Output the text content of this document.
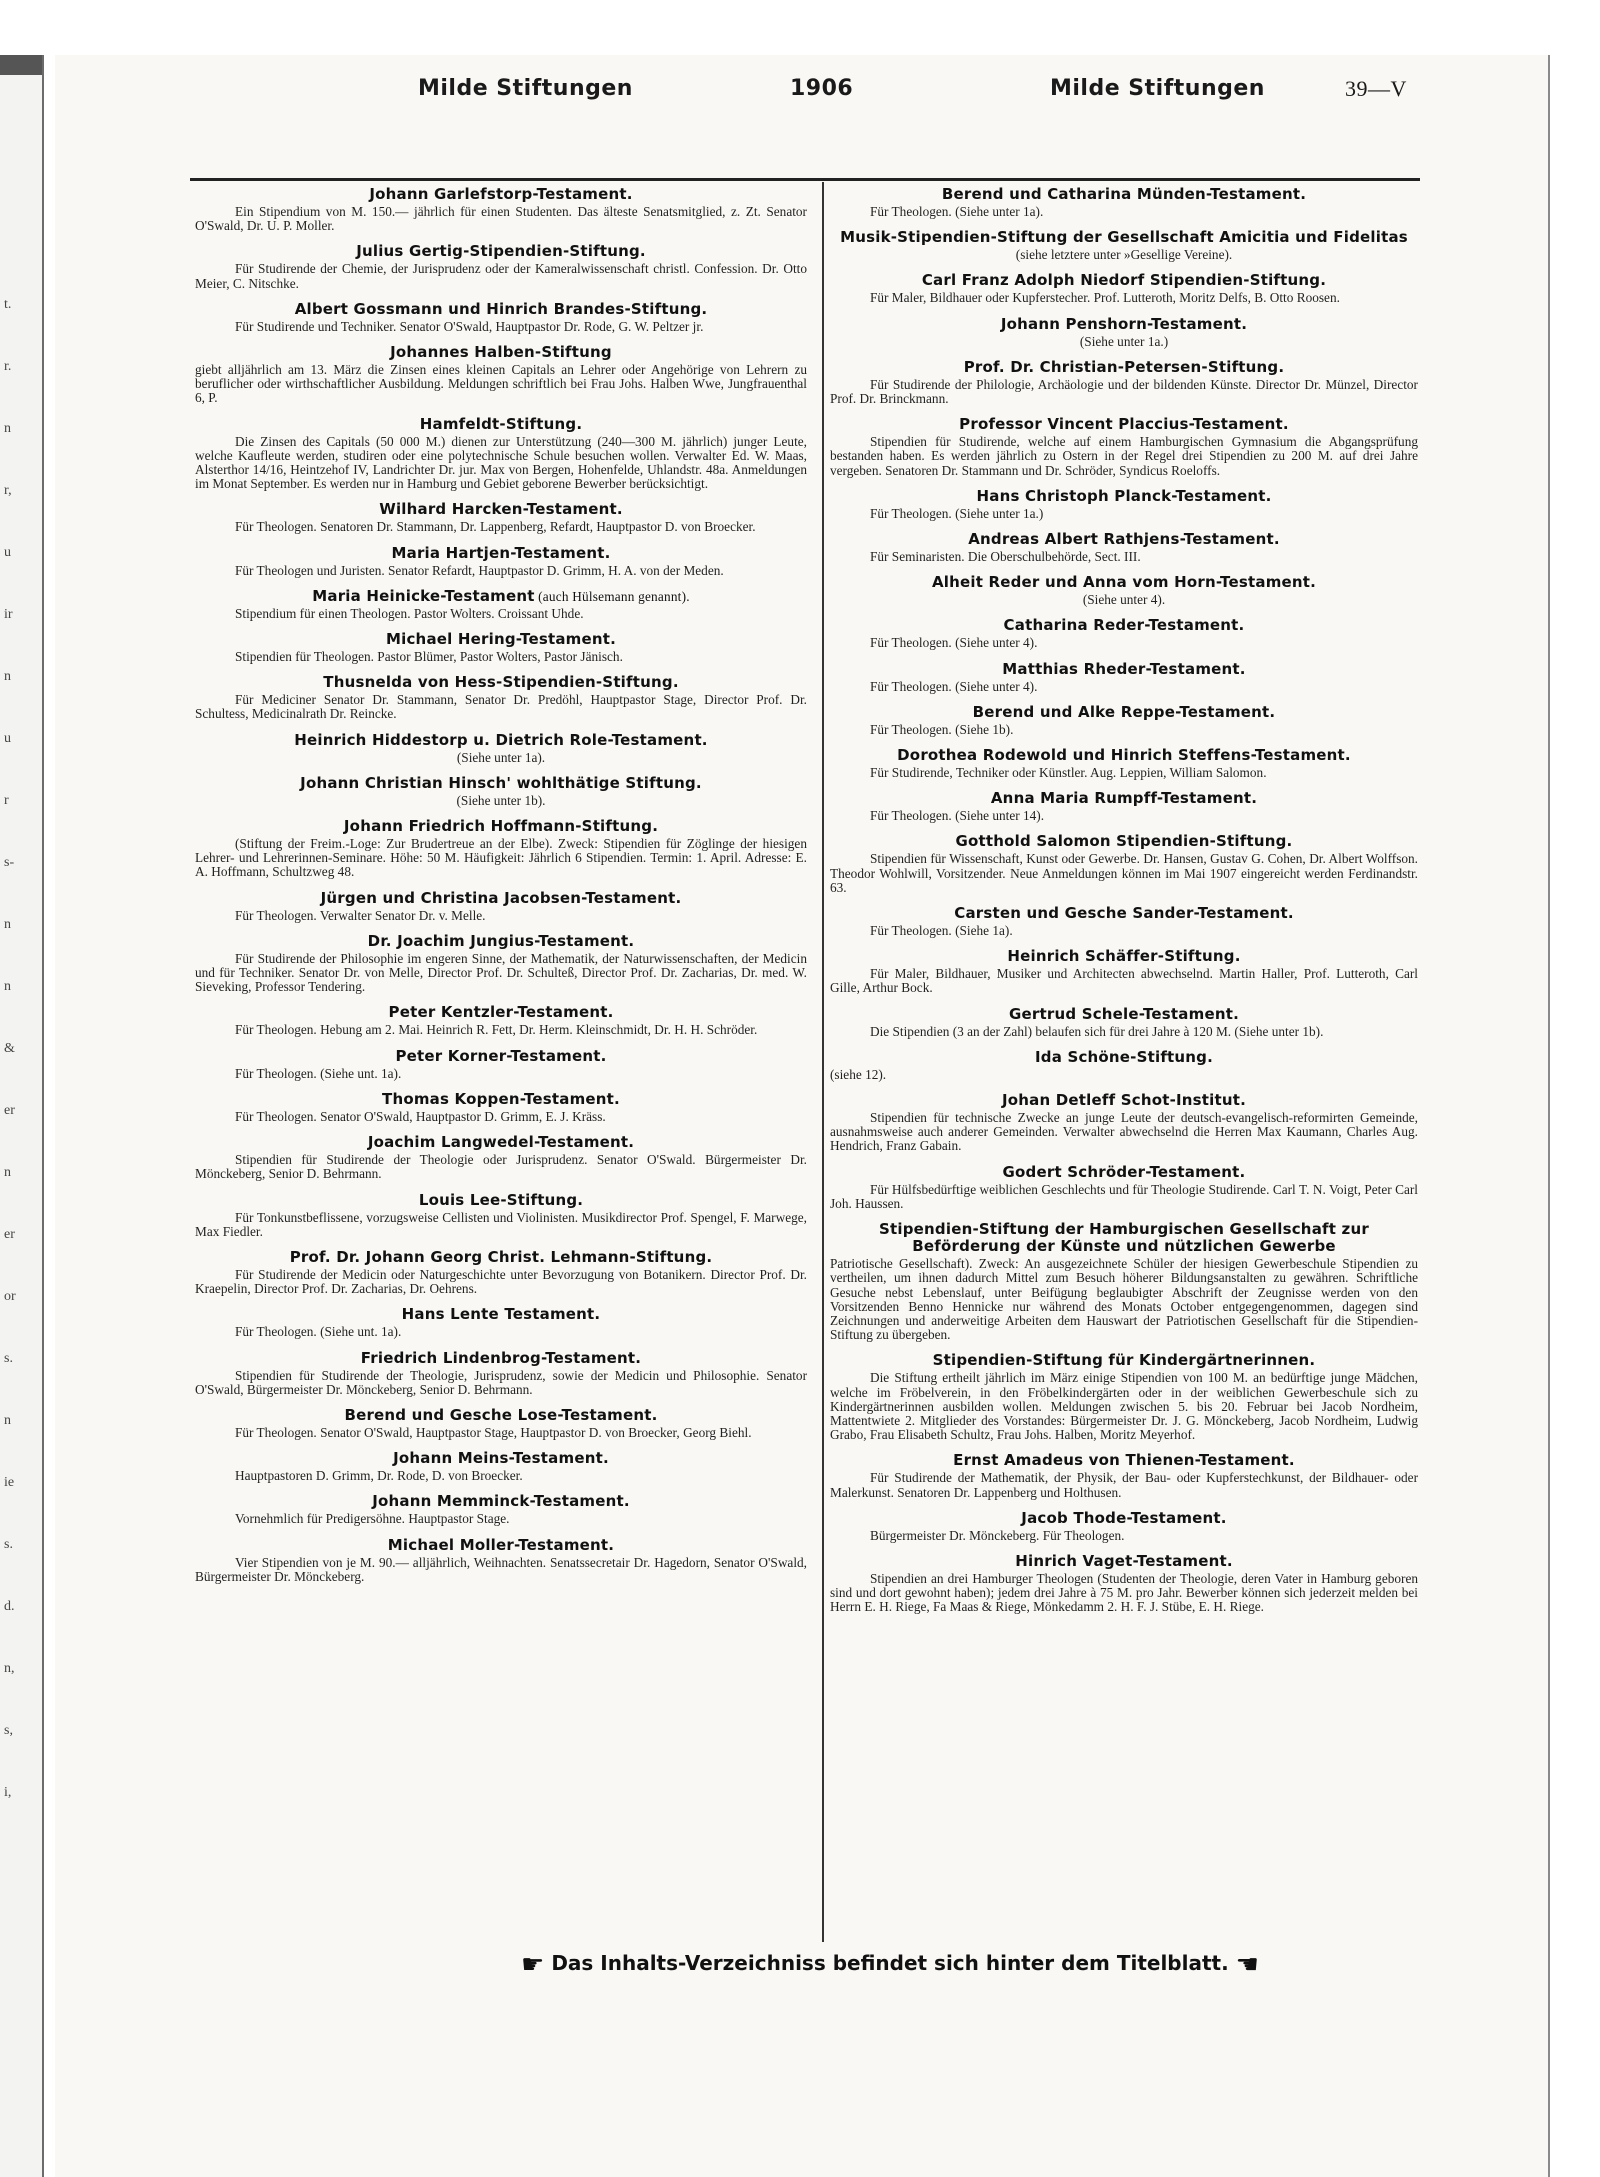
t.
r.
n
r,
u
ir
n
u
r
s-
n
n
&
er
n
er
or
s.
n
ie
s.
d.
n,
s,
i,
Milde Stiftungen	1906	Milde Stiftungen	39—V
Johann Garlefstorp-Testament.

Ein Stipendium von M. 150.— jährlich für einen Studenten. Das älteste Senatsmitglied, z. Zt. Senator O'Swald, Dr. U. P. Moller.

Julius Gertig-Stipendien-Stiftung.

Für Studirende der Chemie, der Jurisprudenz oder der Kameralwissenschaft christl. Confession. Dr. Otto Meier, C. Nitschke.

Albert Gossmann und Hinrich Brandes-Stiftung.

Für Studirende und Techniker. Senator O'Swald, Hauptpastor Dr. Rode, G. W. Peltzer jr.

Johannes Halben-Stiftung

giebt alljährlich am 13. März die Zinsen eines kleinen Capitals an Lehrer oder Angehörige von Lehrern zu beruflicher oder wirthschaftlicher Ausbildung. Meldungen schriftlich bei Frau Johs. Halben Wwe, Jungfrauenthal 6, P.

Hamfeldt-Stiftung.

Die Zinsen des Capitals (50 000 M.) dienen zur Unterstützung (240—300 M. jährlich) junger Leute, welche Kaufleute werden, studiren oder eine polytechnische Schule besuchen wollen. Verwalter Ed. W. Maas, Alsterthor 14/16, Heintzehof IV, Landrichter Dr. jur. Max von Bergen, Hohenfelde, Uhlandstr. 48a. Anmeldungen im Monat September. Es werden nur in Hamburg und Gebiet geborene Bewerber berücksichtigt.

Wilhard Harcken-Testament.

Für Theologen. Senatoren Dr. Stammann, Dr. Lappenberg, Refardt, Hauptpastor D. von Broecker.

Maria Hartjen-Testament.

Für Theologen und Juristen. Senator Refardt, Hauptpastor D. Grimm, H. A. von der Meden.

Maria Heinicke-Testament (auch Hülsemann genannt).

Stipendium für einen Theologen. Pastor Wolters. Croissant Uhde.

Michael Hering-Testament.

Stipendien für Theologen. Pastor Blümer, Pastor Wolters, Pastor Jänisch.

Thusnelda von Hess-Stipendien-Stiftung.

Für Mediciner Senator Dr. Stammann, Senator Dr. Predöhl, Hauptpastor Stage, Director Prof. Dr. Schultess, Medicinalrath Dr. Reincke.

Heinrich Hiddestorp u. Dietrich Role-Testament.

(Siehe unter 1a).

Johann Christian Hinsch' wohlthätige Stiftung.

(Siehe unter 1b).

Johann Friedrich Hoffmann-Stiftung.

(Stiftung der Freim.-Loge: Zur Brudertreue an der Elbe). Zweck: Stipendien für Zöglinge der hiesigen Lehrer- und Lehrerinnen-Seminare. Höhe: 50 M. Häufigkeit: Jährlich 6 Stipendien. Termin: 1. April. Adresse: E. A. Hoffmann, Schultzweg 48.

Jürgen und Christina Jacobsen-Testament.

Für Theologen. Verwalter Senator Dr. v. Melle.

Dr. Joachim Jungius-Testament.

Für Studirende der Philosophie im engeren Sinne, der Mathematik, der Naturwissenschaften, der Medicin und für Techniker. Senator Dr. von Melle, Director Prof. Dr. Schulteß, Director Prof. Dr. Zacharias, Dr. med. W. Sieveking, Professor Tendering.

Peter Kentzler-Testament.

Für Theologen. Hebung am 2. Mai. Heinrich R. Fett, Dr. Herm. Kleinschmidt, Dr. H. H. Schröder.

Peter Korner-Testament.

Für Theologen. (Siehe unt. 1a).

Thomas Koppen-Testament.

Für Theologen. Senator O'Swald, Hauptpastor D. Grimm, E. J. Kräss.

Joachim Langwedel-Testament.

Stipendien für Studirende der Theologie oder Jurisprudenz. Senator O'Swald. Bürgermeister Dr. Mönckeberg, Senior D. Behrmann.

Louis Lee-Stiftung.

Für Tonkunstbeflissene, vorzugsweise Cellisten und Violinisten. Musikdirector Prof. Spengel, F. Marwege, Max Fiedler.

Prof. Dr. Johann Georg Christ. Lehmann-Stiftung.

Für Studirende der Medicin oder Naturgeschichte unter Bevorzugung von Botanikern. Director Prof. Dr. Kraepelin, Director Prof. Dr. Zacharias, Dr. Oehrens.

Hans Lente Testament.

Für Theologen. (Siehe unt. 1a).

Friedrich Lindenbrog-Testament.

Stipendien für Studirende der Theologie, Jurisprudenz, sowie der Medicin und Philosophie. Senator O'Swald, Bürgermeister Dr. Mönckeberg, Senior D. Behrmann.

Berend und Gesche Lose-Testament.

Für Theologen. Senator O'Swald, Hauptpastor Stage, Hauptpastor D. von Broecker, Georg Biehl.

Johann Meins-Testament.

Hauptpastoren D. Grimm, Dr. Rode, D. von Broecker.

Johann Memminck-Testament.

Vornehmlich für Predigersöhne. Hauptpastor Stage.

Michael Moller-Testament.

Vier Stipendien von je M. 90.— alljährlich, Weihnachten. Senatssecretair Dr. Hagedorn, Senator O'Swald, Bürgermeister Dr. Mönckeberg.

Berend und Catharina Münden-Testament.

Für Theologen. (Siehe unter 1a).

Musik-Stipendien-Stiftung der Gesellschaft Amicitia und Fidelitas

(siehe letztere unter »Gesellige Vereine).

Carl Franz Adolph Niedorf Stipendien-Stiftung.

Für Maler, Bildhauer oder Kupferstecher. Prof. Lutteroth, Moritz Delfs, B. Otto Roosen.

Johann Penshorn-Testament.

(Siehe unter 1a.)

Prof. Dr. Christian-Petersen-Stiftung.

Für Studirende der Philologie, Archäologie und der bildenden Künste. Director Dr. Münzel, Director Prof. Dr. Brinckmann.

Professor Vincent Placcius-Testament.

Stipendien für Studirende, welche auf einem Hamburgischen Gymnasium die Abgangsprüfung bestanden haben. Es werden jährlich zu Ostern in der Regel drei Stipendien zu 200 M. auf drei Jahre vergeben. Senatoren Dr. Stammann und Dr. Schröder, Syndicus Roeloffs.

Hans Christoph Planck-Testament.

Für Theologen. (Siehe unter 1a.)

Andreas Albert Rathjens-Testament.

Für Seminaristen. Die Oberschulbehörde, Sect. III.

Alheit Reder und Anna vom Horn-Testament.

(Siehe unter 4).

Catharina Reder-Testament.

Für Theologen. (Siehe unter 4).

Matthias Rheder-Testament.

Für Theologen. (Siehe unter 4).

Berend und Alke Reppe-Testament.

Für Theologen. (Siehe 1b).

Dorothea Rodewold und Hinrich Steffens-Testament.

Für Studirende, Techniker oder Künstler. Aug. Leppien, William Salomon.

Anna Maria Rumpff-Testament.

Für Theologen. (Siehe unter 14).

Gotthold Salomon Stipendien-Stiftung.

Stipendien für Wissenschaft, Kunst oder Gewerbe. Dr. Hansen, Gustav G. Cohen, Dr. Albert Wolffson. Theodor Wohlwill, Vorsitzender. Neue Anmeldungen können im Mai 1907 eingereicht werden Ferdinandstr. 63.

Carsten und Gesche Sander-Testament.

Für Theologen. (Siehe 1a).

Heinrich Schäffer-Stiftung.

Für Maler, Bildhauer, Musiker und Architecten abwechselnd. Martin Haller, Prof. Lutteroth, Carl Gille, Arthur Bock.

Gertrud Schele-Testament.

Die Stipendien (3 an der Zahl) belaufen sich für drei Jahre à 120 M. (Siehe unter 1b).

Ida Schöne-Stiftung.

(siehe 12).

Johan Detleff Schot-Institut.

Stipendien für technische Zwecke an junge Leute der deutsch-evangelisch-reformirten Gemeinde, ausnahmsweise auch anderer Gemeinden. Verwalter abwechselnd die Herren Max Kaumann, Charles Aug. Hendrich, Franz Gabain.

Godert Schröder-Testament.

Für Hülfsbedürftige weiblichen Geschlechts und für Theologie Studirende. Carl T. N. Voigt, Peter Carl Joh. Haussen.

Stipendien-Stiftung der Hamburgischen Gesellschaft zur Beförderung der Künste und nützlichen Gewerbe

Patriotische Gesellschaft). Zweck: An ausgezeichnete Schüler der hiesigen Gewerbeschule Stipendien zu vertheilen, um ihnen dadurch Mittel zum Besuch höherer Bildungsanstalten zu gewähren. Schriftliche Gesuche nebst Lebenslauf, unter Beifügung beglaubigter Abschrift der Zeugnisse werden von den Vorsitzenden Benno Hennicke nur während des Monats October entgegengenommen, dagegen sind Zeichnungen und anderweitige Arbeiten dem Hauswart der Patriotischen Gesellschaft für die Stipendien-Stiftung zu übergeben.

Stipendien-Stiftung für Kindergärtnerinnen.

Die Stiftung ertheilt jährlich im März einige Stipendien von 100 M. an bedürftige junge Mädchen, welche im Fröbelverein, in den Fröbelkindergärten oder in der weiblichen Gewerbeschule sich zu Kindergärtnerinnen ausbilden wollen. Meldungen zwischen 5. bis 20. Februar bei Jacob Nordheim, Mattentwiete 2. Mitglieder des Vorstandes: Bürgermeister Dr. J. G. Mönckeberg, Jacob Nordheim, Ludwig Grabo, Frau Elisabeth Schultz, Frau Johs. Halben, Moritz Meyerhof.

Ernst Amadeus von Thienen-Testament.

Für Studirende der Mathematik, der Physik, der Bau- oder Kupferstechkunst, der Bildhauer- oder Malerkunst. Senatoren Dr. Lappenberg und Holthusen.

Jacob Thode-Testament.

Bürgermeister Dr. Mönckeberg. Für Theologen.

Hinrich Vaget-Testament.

Stipendien an drei Hamburger Theologen (Studenten der Theologie, deren Vater in Hamburg geboren sind und dort gewohnt haben); jedem drei Jahre à 75 M. pro Jahr. Bewerber können sich jederzeit melden bei Herrn E. H. Riege, Fa Maas & Riege, Mönkedamm 2. H. F. J. Stübe, E. H. Riege.

☛ Das Inhalts-Verzeichniss befindet sich hinter dem Titelblatt. ☚
